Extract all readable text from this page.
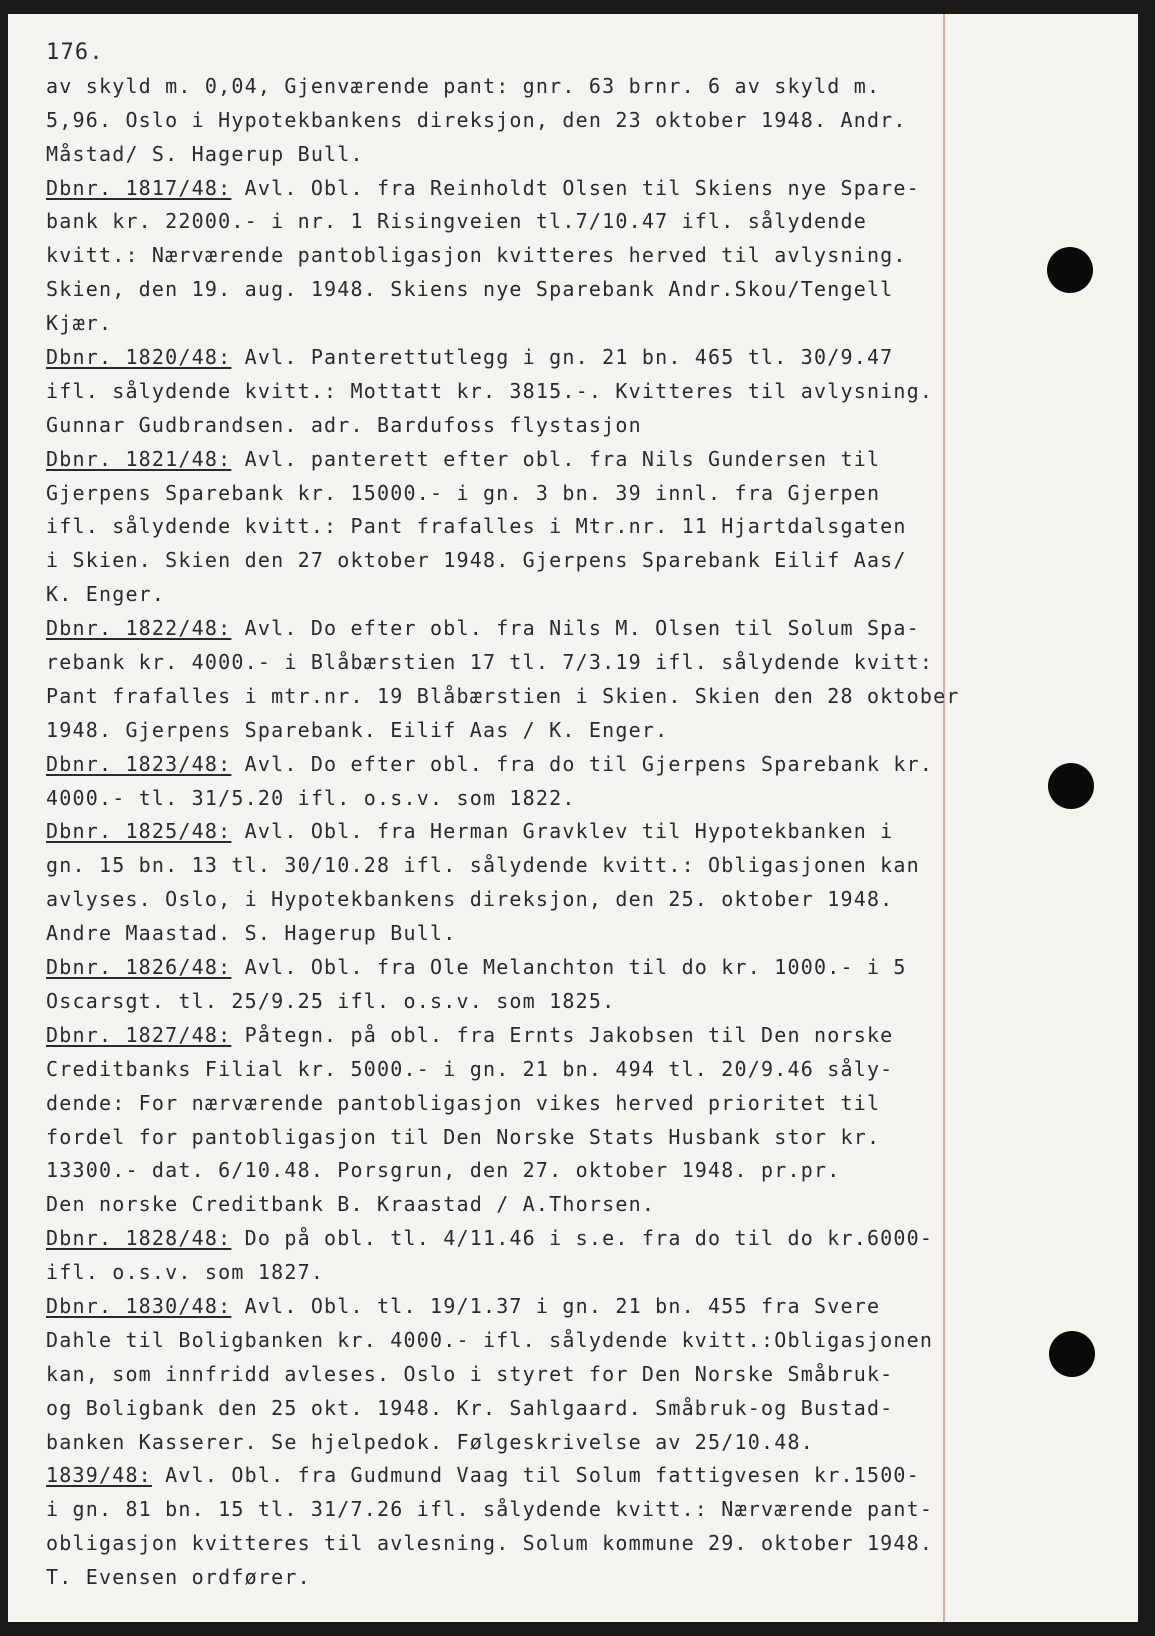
176.
av skyld m. 0,04, Gjenværende pant: gnr. 63 brnr. 6 av skyld m.
5,96. Oslo i Hypotekbankens direksjon, den 23 oktober 1948. Andr.
Måstad/ S. Hagerup Bull.
Dbnr. 1817/48: Avl. Obl. fra Reinholdt Olsen til Skiens nye Spare-
bank kr. 22000.- i nr. 1 Risingveien tl.7/10.47 ifl. sålydende
kvitt.: Nærværende pantobligasjon kvitteres herved til avlysning.
Skien, den 19. aug. 1948. Skiens nye Sparebank Andr.Skou/Tengell
Kjær.
Dbnr. 1820/48: Avl. Panterettutlegg i gn. 21 bn. 465 tl. 30/9.47
ifl. sålydende kvitt.: Mottatt kr. 3815.-. Kvitteres til avlysning.
Gunnar Gudbrandsen. adr. Bardufoss flystasjon
Dbnr. 1821/48: Avl. panterett efter obl. fra Nils Gundersen til
Gjerpens Sparebank kr. 15000.- i gn. 3 bn. 39 innl. fra Gjerpen
ifl. sålydende kvitt.: Pant frafalles i Mtr.nr. 11 Hjartdalsgaten
i Skien. Skien den 27 oktober 1948. Gjerpens Sparebank Eilif Aas/
K. Enger.
Dbnr. 1822/48: Avl. Do efter obl. fra Nils M. Olsen til Solum Spa-
rebank kr. 4000.- i Blåbærstien 17 tl. 7/3.19 ifl. sålydende kvitt:
Pant frafalles i mtr.nr. 19 Blåbærstien i Skien. Skien den 28 oktober
1948. Gjerpens Sparebank. Eilif Aas / K. Enger.
Dbnr. 1823/48: Avl. Do efter obl. fra do til Gjerpens Sparebank kr.
4000.- tl. 31/5.20 ifl. o.s.v. som 1822.
Dbnr. 1825/48: Avl. Obl. fra Herman Gravklev til Hypotekbanken i
gn. 15 bn. 13 tl. 30/10.28 ifl. sålydende kvitt.: Obligasjonen kan
avlyses. Oslo, i Hypotekbankens direksjon, den 25. oktober 1948.
Andre Maastad. S. Hagerup Bull.
Dbnr. 1826/48: Avl. Obl. fra Ole Melanchton til do kr. 1000.- i 5
Oscarsgt. tl. 25/9.25 ifl. o.s.v. som 1825.
Dbnr. 1827/48: Påtegn. på obl. fra Ernts Jakobsen til Den norske
Creditbanks Filial kr. 5000.- i gn. 21 bn. 494 tl. 20/9.46 såly-
dende: For nærværende pantobligasjon vikes herved prioritet til
fordel for pantobligasjon til Den Norske Stats Husbank stor kr.
13300.- dat. 6/10.48. Porsgrun, den 27. oktober 1948. pr.pr.
Den norske Creditbank B. Kraastad / A.Thorsen.
Dbnr. 1828/48: Do på obl. tl. 4/11.46 i s.e. fra do til do kr.6000-
ifl. o.s.v. som 1827.
Dbnr. 1830/48: Avl. Obl. tl. 19/1.37 i gn. 21 bn. 455 fra Svere
Dahle til Boligbanken kr. 4000.- ifl. sålydende kvitt.:Obligasjonen
kan, som innfridd avleses. Oslo i styret for Den Norske Småbruk-
og Boligbank den 25 okt. 1948. Kr. Sahlgaard. Småbruk-og Bustad-
banken Kasserer. Se hjelpedok. Følgeskrivelse av 25/10.48.
1839/48: Avl. Obl. fra Gudmund Vaag til Solum fattigvesen kr.1500-
i gn. 81 bn. 15 tl. 31/7.26 ifl. sålydende kvitt.: Nærværende pant-
obligasjon kvitteres til avlesning. Solum kommune 29. oktober 1948.
T. Evensen ordfører.
